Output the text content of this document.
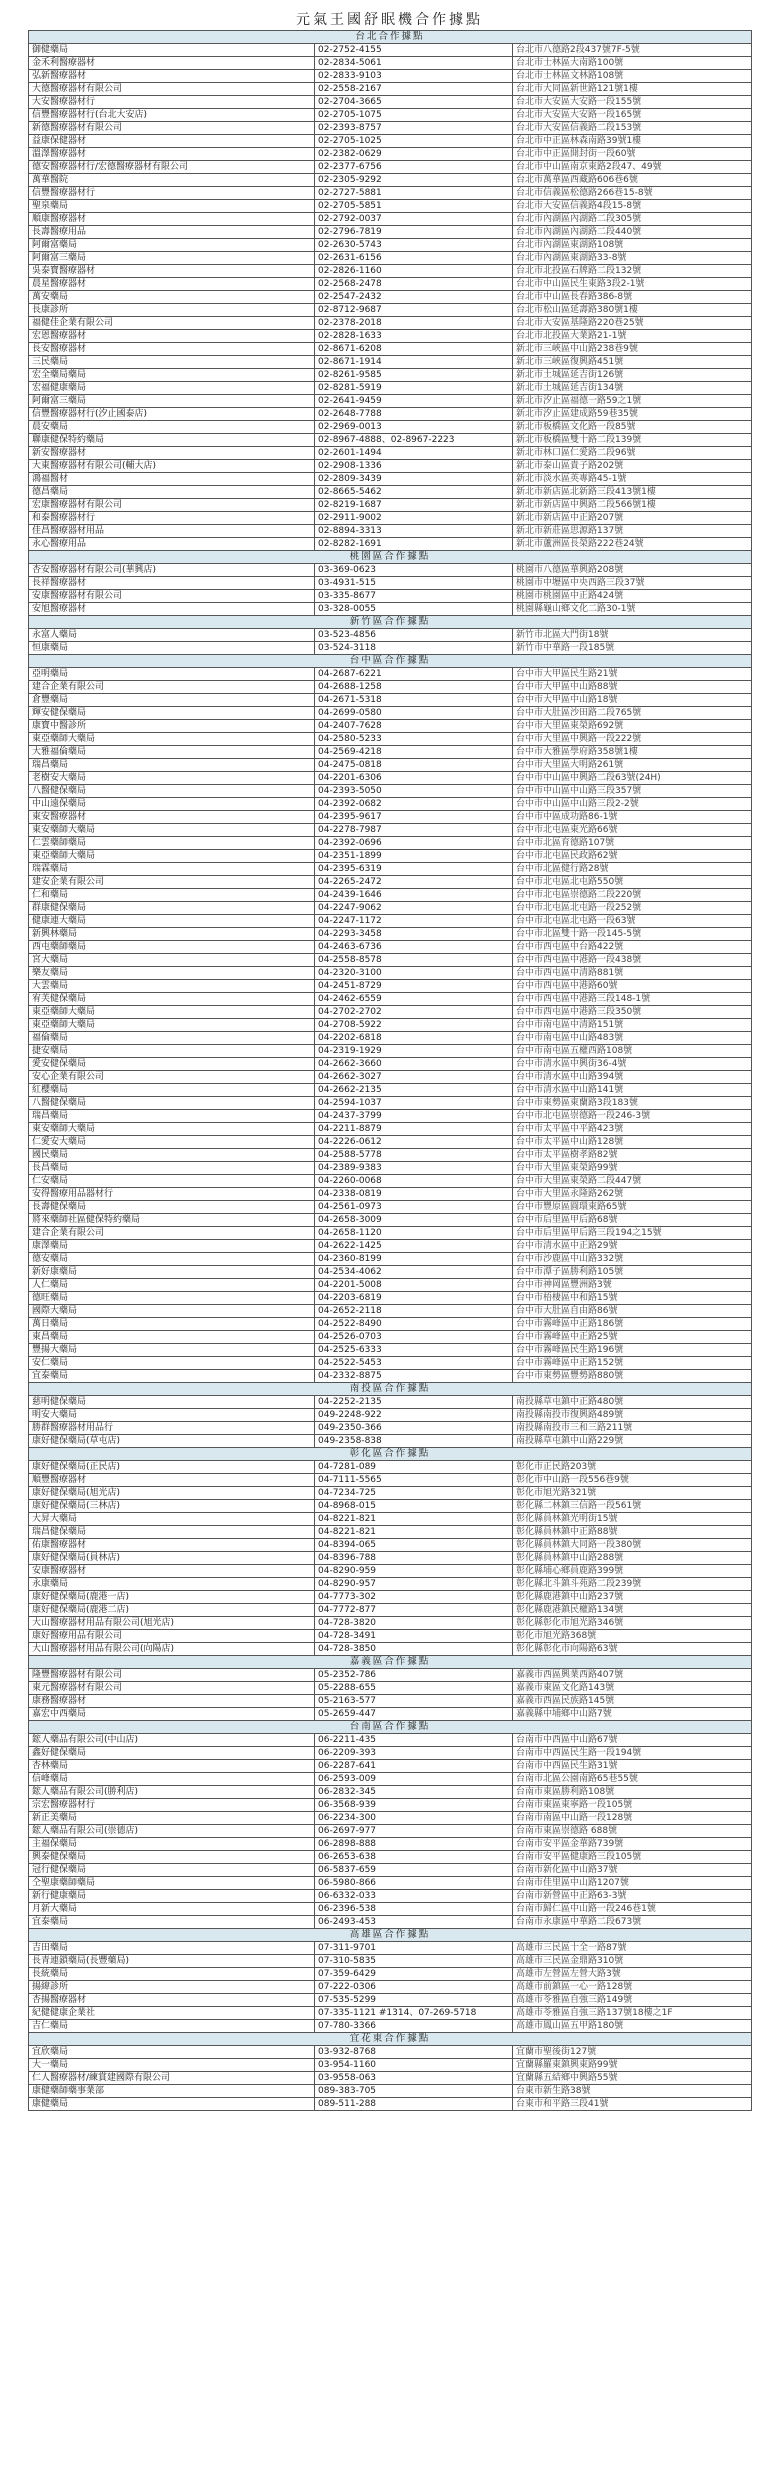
元氣王國舒眠機合作據點
台北合作據點		
御健藥局	02-2752-4155	台北市八德路2段437號7F-5號
金禾利醫療器材	02-2834-5061	台北市士林區大南路100號
弘新醫療器材	02-2833-9103	台北市士林區文林路108號
大德醫療器材有限公司	02-2558-2167	台北市大同區新世路121號1樓
大安醫療器材行	02-2704-3665	台北市大安區大安路一段155號
信豐醫療器材行(台北大安店)	02-2705-1075	台北市大安區大安路一段165號
新德醫療器材有限公司	02-2393-8757	台北市大安區信義路二段153號
益康保健器材	02-2705-1025	台北市中正區林森南路39號1樓
溫澤醫療器材	02-2382-0629	台北市中正區開封街一段60號
德安醫療器材行/宏德醫療器材有限公司	02-2377-6756	台北市中山區南京東路2段47、49號
萬華醫院	02-2305-9292	台北市萬華區西藏路606巷6號
信豐醫療器材行	02-2727-5881	台北市信義區松德路266巷15-8號
聖泉藥局	02-2705-5851	台北市大安區信義路4段15-8號
順康醫療器材	02-2792-0037	台北市內湖區內湖路二段305號
長壽醫療用品	02-2796-7819	台北市內湖區內湖路二段440號
阿爾富藥局	02-2630-5743	台北市內湖區東湖路108號
阿爾富三藥局	02-2631-6156	台北市內湖區東湖路33-8號
吳泰寶醫療器材	02-2826-1160	台北市北投區石牌路二段132號
晨星醫療器材	02-2568-2478	台北市中山區民生東路3段2-1號
萬安藥局	02-2547-2432	台北市中山區長春路386-8號
長康診所	02-8712-9687	台北市松山區延壽路380號1樓
福健佳企業有限公司	02-2378-2018	台北市大安區基隆路220巷25號
宏恩醫療器材	02-2828-1633	台北市北投區大業路21-1號
長安醫療器材	02-8671-6208	新北市三峽區中山路238巷9號
三民藥局	02-8671-1914	新北市三峽區復興路451號
宏全藥局藥局	02-8261-9585	新北市土城區延吉街126號
宏福健康藥局	02-8281-5919	新北市土城區延吉街134號
阿爾富三藥局	02-2641-9459	新北市汐止區福德一路59之1號
信豐醫療器材行(汐止國泰店)	02-2648-7788	新北市汐止區建成路59巷35號
晨安藥局	02-2969-0013	新北市板橋區文化路一段85號
聯康健保特約藥局	02-8967-4888、02-8967-2223	新北市板橋區雙十路二段139號
新安醫療器材	02-2601-1494	新北市林口區仁愛路二段96號
大東醫療器材有限公司(輔大店)	02-2908-1336	新北市泰山區貴子路202號
鴻福醫材	02-2809-3439	新北市淡水區英專路45-1號
德昌藥局	02-8665-5462	新北市新店區北新路三段413號1樓
宏康醫療器材有限公司	02-8219-1687	新北市新店區中興路二段566號1樓
和泰醫療器材行	02-2911-9002	新北市新店區中正路207號
佳昌醫療器材用品	02-8894-3313	新北市新莊區思源路137號
永心醫療用品	02-8282-1691	新北市蘆洲區長榮路222巷24號
桃園區合作據點		
杏安醫療器材有限公司(華興店)	03-369-0623	桃園市八德區華興路208號
長祥醫療器材	03-4931-515	桃園市中壢區中央西路三段37號
安康醫療器材有限公司	03-335-8677	桃園市桃園區中正路424號
安旭醫療器材	03-328-0055	桃園縣龜山鄉文化二路30-1號
新竹區合作據點		
永富人藥局	03-523-4856	新竹市北區大門街18號
恒康藥局	03-524-3118	新竹市中華路一段185號
台中區合作據點		
亞明藥局	04-2687-6221	台中市大甲區民生路21號
建合企業有限公司	04-2688-1258	台中市大甲區中山路88號
倉豐藥局	04-2671-5318	台中市大甲區中山路18號
輝安健保藥局	04-2699-0580	台中市大肚區沙田路二段765號
康寶中醫診所	04-2407-7628	台中市大里區東榮路692號
東亞藥師大藥局	04-2580-5233	台中市大里區中興路一段222號
大雅福倫藥局	04-2569-4218	台中市大雅區學府路358號1樓
瑞昌藥局	04-2475-0818	台中市大里區大明路261號
老樹安大藥局	04-2201-6306	台中市中山區中興路二段63號(24H)
八醫健保藥局	04-2393-5050	台中市中山區中山路三段357號
中山遠保藥局	04-2392-0682	台中市中山區中山路三段2-2號
東安醫療器材	04-2395-9617	台中市中區成功路86-1號
東安藥師大藥局	04-2278-7987	台中市北屯區東光路66號
仁雲藥師藥局	04-2392-0696	台中市北區育德路107號
東亞藥師大藥局	04-2351-1899	台中市北屯區民政路62號
瑞霖藥局	04-2395-6319	台中市北區健行路28號
建安企業有限公司	04-2265-2472	台中市北屯區北屯路550號
仁和藥局	04-2439-1646	台中市北屯區崇德路二段220號
群康健保藥局	04-2247-9062	台中市北屯區北屯路一段252號
健康連大藥局	04-2247-1172	台中市北屯區北屯路一段63號
新興林藥局	04-2293-3458	台中市北區雙十路一段145-5號
西屯藥師藥局	04-2463-6736	台中市西屯區中台路422號
宮大藥局	04-2558-8578	台中市西屯區中港路一段438號
樂友藥局	04-2320-3100	台中市西屯區中清路881號
大雲藥局	04-2451-8729	台中市西屯區中港路60號
宥芙健保藥局	04-2462-6559	台中市西屯區中港路三段148-1號
東亞藥師大藥局	04-2702-2702	台中市西屯區中港路三段350號
東亞藥師大藥局	04-2708-5922	台中市南屯區中清路151號
福倫藥局	04-2202-6818	台中市南屯區中山路483號
捷安藥局	04-2319-1929	台中市南屯區五權西路108號
愛安健保藥局	04-2662-3660	台中市清水區中興街36-4號
安心企業有限公司	04-2662-3027	台中市清水區中山路394號
紅櫻藥局	04-2662-2135	台中市清水區中山路141號
八醫健保藥局	04-2594-1037	台中市東勢區東蘭路3段183號
瑞昌藥局	04-2437-3799	台中市北屯區崇德路一段246-3號
東安藥師大藥局	04-2211-8879	台中市太平區中平路423號
仁愛安大藥局	04-2226-0612	台中市太平區中山路128號
國民藥局	04-2588-5778	台中市太平區樹孝路82號
長昌藥局	04-2389-9383	台中市大里區東榮路99號
仁安藥局	04-2260-0068	台中市大里區東榮路二段447號
安得醫療用品器材行	04-2338-0819	台中市大里區永隆路262號
長壽健保藥局	04-2561-0973	台中市豐原區圓環東路65號
將來藥師社區健保特約藥局	04-2658-3009	台中市后里區甲后路68號
建合企業有限公司	04-2658-1120	台中市后里區甲后路三段194之15號
康澤藥局	04-2622-1425	台中市清水區中正路29號
德安藥局	04-2360-8199	台中市沙鹿區中山路332號
新好康藥局	04-2534-4062	台中市潭子區勝利路105號
人仁藥局	04-2201-5008	台中市神岡區豐洲路3號
德旺藥局	04-2203-6819	台中市梧棲區中和路15號
國際大藥局	04-2652-2118	台中市大肚區自由路86號
萬日藥局	04-2522-8490	台中市霧峰區中正路186號
東昌藥局	04-2526-0703	台中市霧峰區中正路25號
豐揚大藥局	04-2525-6333	台中市霧峰區民生路196號
安仁藥局	04-2522-5453	台中市霧峰區中正路152號
宜泰藥局	04-2332-8875	台中市東勢區豐勢路880號
南投區合作據點		
慈明健保藥局	04-2252-2135	南投縣草屯鎮中正路480號
明安大藥局	049-2248-922	南投縣南投市復興路489號
勝群醫療器材用品行	049-2350-366	南投縣南投市三和三路211號
康好健保藥局(草屯店)	049-2358-838	南投縣草屯鎮中山路229號
彰化區合作據點		
康好健保藥局(正民店)	04-7281-089	彰化市正民路203號
順豐醫療器材	04-7111-5565	彰化市中山路一段556巷9號
康好健保藥局(旭光店)	04-7234-725	彰化市旭光路321號
康好健保藥局(三林店)	04-8968-015	彰化縣二林鎮三信路一段561號
大昇大藥局	04-8221-821	彰化縣員林鎮光明街15號
瑞昌健保藥局	04-8221-821	彰化縣員林鎮中正路88號
佑康醫療器材	04-8394-065	彰化縣員林鎮大同路一段380號
康好健保藥局(員林店)	04-8396-788	彰化縣員林鎮中山路288號
安康醫療器材	04-8290-959	彰化縣埔心鄉員鹿路399號
永康藥局	04-8290-957	彰化縣北斗鎮斗苑路二段239號
康好健保藥局(鹿港一店)	04-7773-302	彰化縣鹿港鎮中山路237號
康好健保藥局(鹿港二店)	04-7772-877	彰化縣鹿港鎮民權路134號
大山醫療器材用品有限公司(旭光店)	04-728-3820	彰化縣彰化市旭光路346號
康好醫療用品有限公司	04-728-3491	彰化市旭光路368號
大山醫療器材用品有限公司(向陽店)	04-728-3850	彰化縣彰化市向陽路63號
嘉義區合作據點		
隆豐醫療器材有限公司	05-2352-786	嘉義市西區興業西路407號
東元醫療器材有限公司	05-2288-655	嘉義市東區文化路143號
康務醫療器材	05-2163-577	嘉義市西區民族路145號
嘉宏中西藥局	05-2659-447	嘉義縣中埔鄉中山路7號
台南區合作據點		
鋐人藥品有限公司(中山店)	06-2211-435	台南市中西區中山路67號
鑫好健保藥局	06-2209-393	台南市中西區民生路一段194號
杏林藥局	06-2287-641	台南市中西區民生路31號
信峰藥局	06-2593-009	台南市北區公園南路65巷55號
鋐人藥品有限公司(勝利店)	06-2832-345	台南市東區勝利路108號
宗宏醫療器材行	06-3568-939	台南市東區東寧路一段105號
新正美藥局	06-2234-300	台南市南區中山路一段128號
鋐人藥品有限公司(崇德店)	06-2697-977	台南市東區崇德路 688號
主福保藥局	06-2898-888	台南市安平區金華路739號
興泰健保藥局	06-2653-638	台南市安平區健康路三段105號
冠行健保藥局	06-5837-659	台南市新化區中山路37號
仝聖康藥師藥局	06-5980-866	台南市佳里區中山路1207號
新行健康藥局	06-6332-033	台南市新營區中正路63-3號
月新大藥局	06-2396-538	台南市歸仁區中山路一段246巷1號
宜泰藥局	06-2493-453	台南市永康區中華路二段673號
高雄區合作據點		
吉田藥局	07-311-9701	高雄市三民區十全一路87號
長青連鎖藥局(長豐藥局)	07-310-5835	高雄市三民區金鼎路310號
長統藥局	07-359-6429	高雄市左營區左營大路3號
揚緯診所	07-222-0306	高雄市前鎮區一心一路128號
杏揚醫療器材	07-535-5299	高雄市苓雅區自強三路149號
紀健健康企業社	07-335-1121 #1314、07-269-5718	高雄市苓雅區自強三路137號18樓之1F
吉仁藥局	07-780-3366	高雄市鳳山區五甲路180號
宜花東合作據點		
宜欣藥局	03-932-8768	宜蘭市聖後街127號
大一藥局	03-954-1160	宜蘭縣羅東鎮興東路99號
仁人醫療器材/練賞建國際有限公司	03-9558-063	宜蘭縣五結鄉中興路55號
康健藥師藥事業部	089-383-705	台東市新生路38號
康健藥局	089-511-288	台東市和平路三段41號
